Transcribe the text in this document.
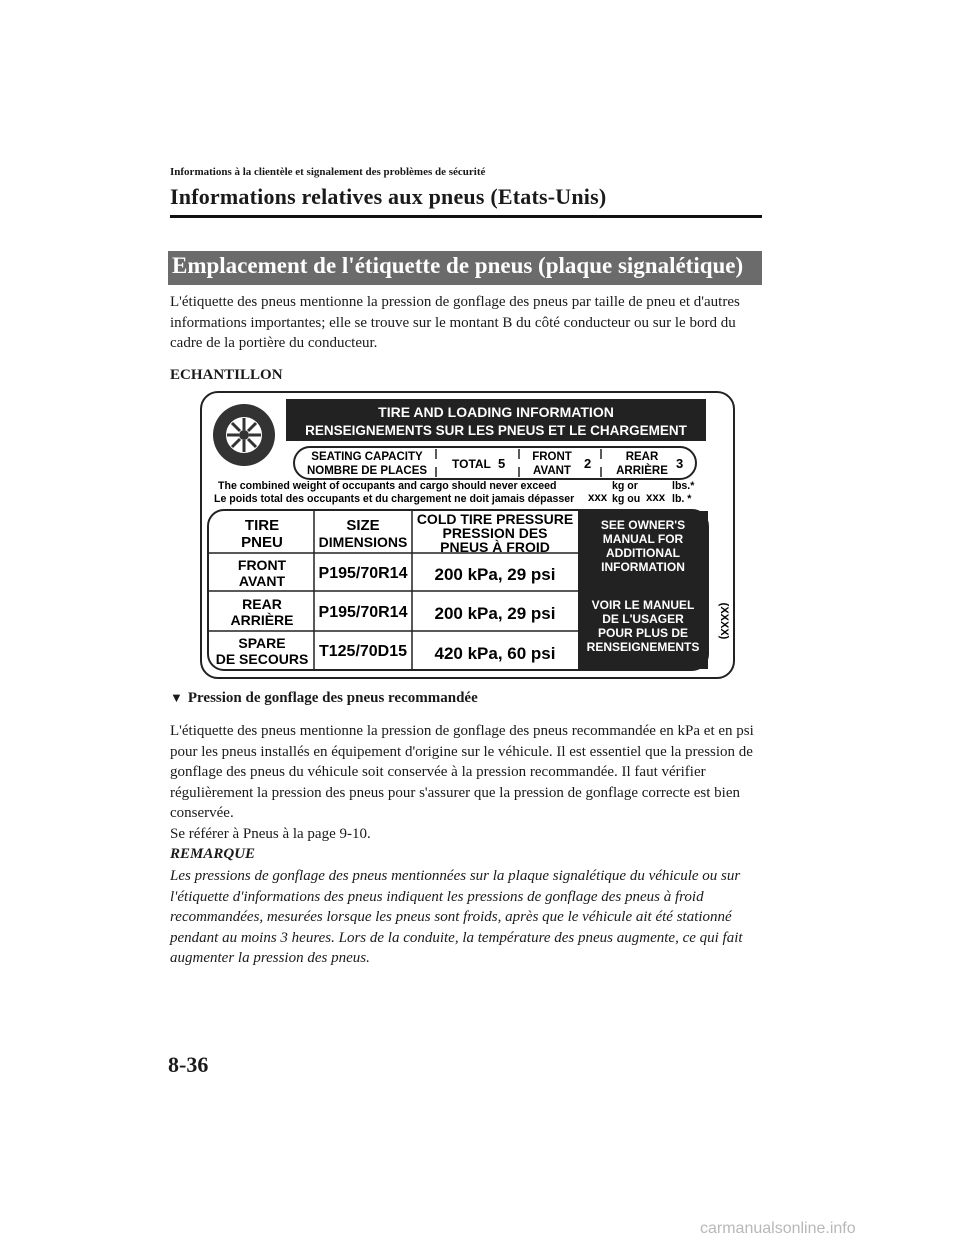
Informations à la clientèle et signalement des problèmes de sécurité
Informations relatives aux pneus (Etats-Unis)
Emplacement de l'étiquette de pneus (plaque signalétique)
L'étiquette des pneus mentionne la pression de gonflage des pneus par taille de pneu et d'autres informations importantes; elle se trouve sur le montant B du côté conducteur ou sur le bord du cadre de la portière du conducteur.
ECHANTILLON
TIRE AND LOADING INFORMATION
RENSEIGNEMENTS SUR LES PNEUS ET LE CHARGEMENT
SEATING CAPACITY
NOMBRE DE PLACES TOTAL 5 FRONT
AVANT 2	REAR
ARRIÈRE 3
The combined weight of occupants and cargo should never exceed
Le poids total des occupants et du chargement ne doit jamais dépasser xxx
kg or
kg ou xxx
lbs.*
lb. *
TIRE
PNEU
SIZE
DIMENSIONS
COLD TIRE PRESSURE
PRESSION DES
PNEUS À FROID
FRONT
AVANT P195/70R14 200 kPa, 29 psi
REAR
ARRIÈRE P195/70R14 200 kPa, 29 psi
SPARE
DE SECOURS T125/70D15 420 kPa, 60 psi
SEE OWNER'S
MANUAL FOR
ADDITIONAL
INFORMATION
VOIR LE MANUEL
DE L'USAGER
POUR PLUS DE
RENSEIGNEMENTS
(XXXX)
▼ Pression de gonflage des pneus recommandée
L'étiquette des pneus mentionne la pression de gonflage des pneus recommandée en kPa et en psi pour les pneus installés en équipement d'origine sur le véhicule. Il est essentiel que la pression de gonflage des pneus du véhicule soit conservée à la pression recommandée. Il faut vérifier régulièrement la pression des pneus pour s'assurer que la pression de gonflage correcte est bien conservée.
Se référer à Pneus à la page 9-10.
REMARQUE
Les pressions de gonflage des pneus mentionnées sur la plaque signalétique du véhicule ou sur l'étiquette d'informations des pneus indiquent les pressions de gonflage des pneus à froid recommandées, mesurées lorsque les pneus sont froids, après que le véhicule ait été stationné pendant au moins 3 heures. Lors de la conduite, la température des pneus augmente, ce qui fait augmenter la pression des pneus.
8-36
carmanualsonline.info
